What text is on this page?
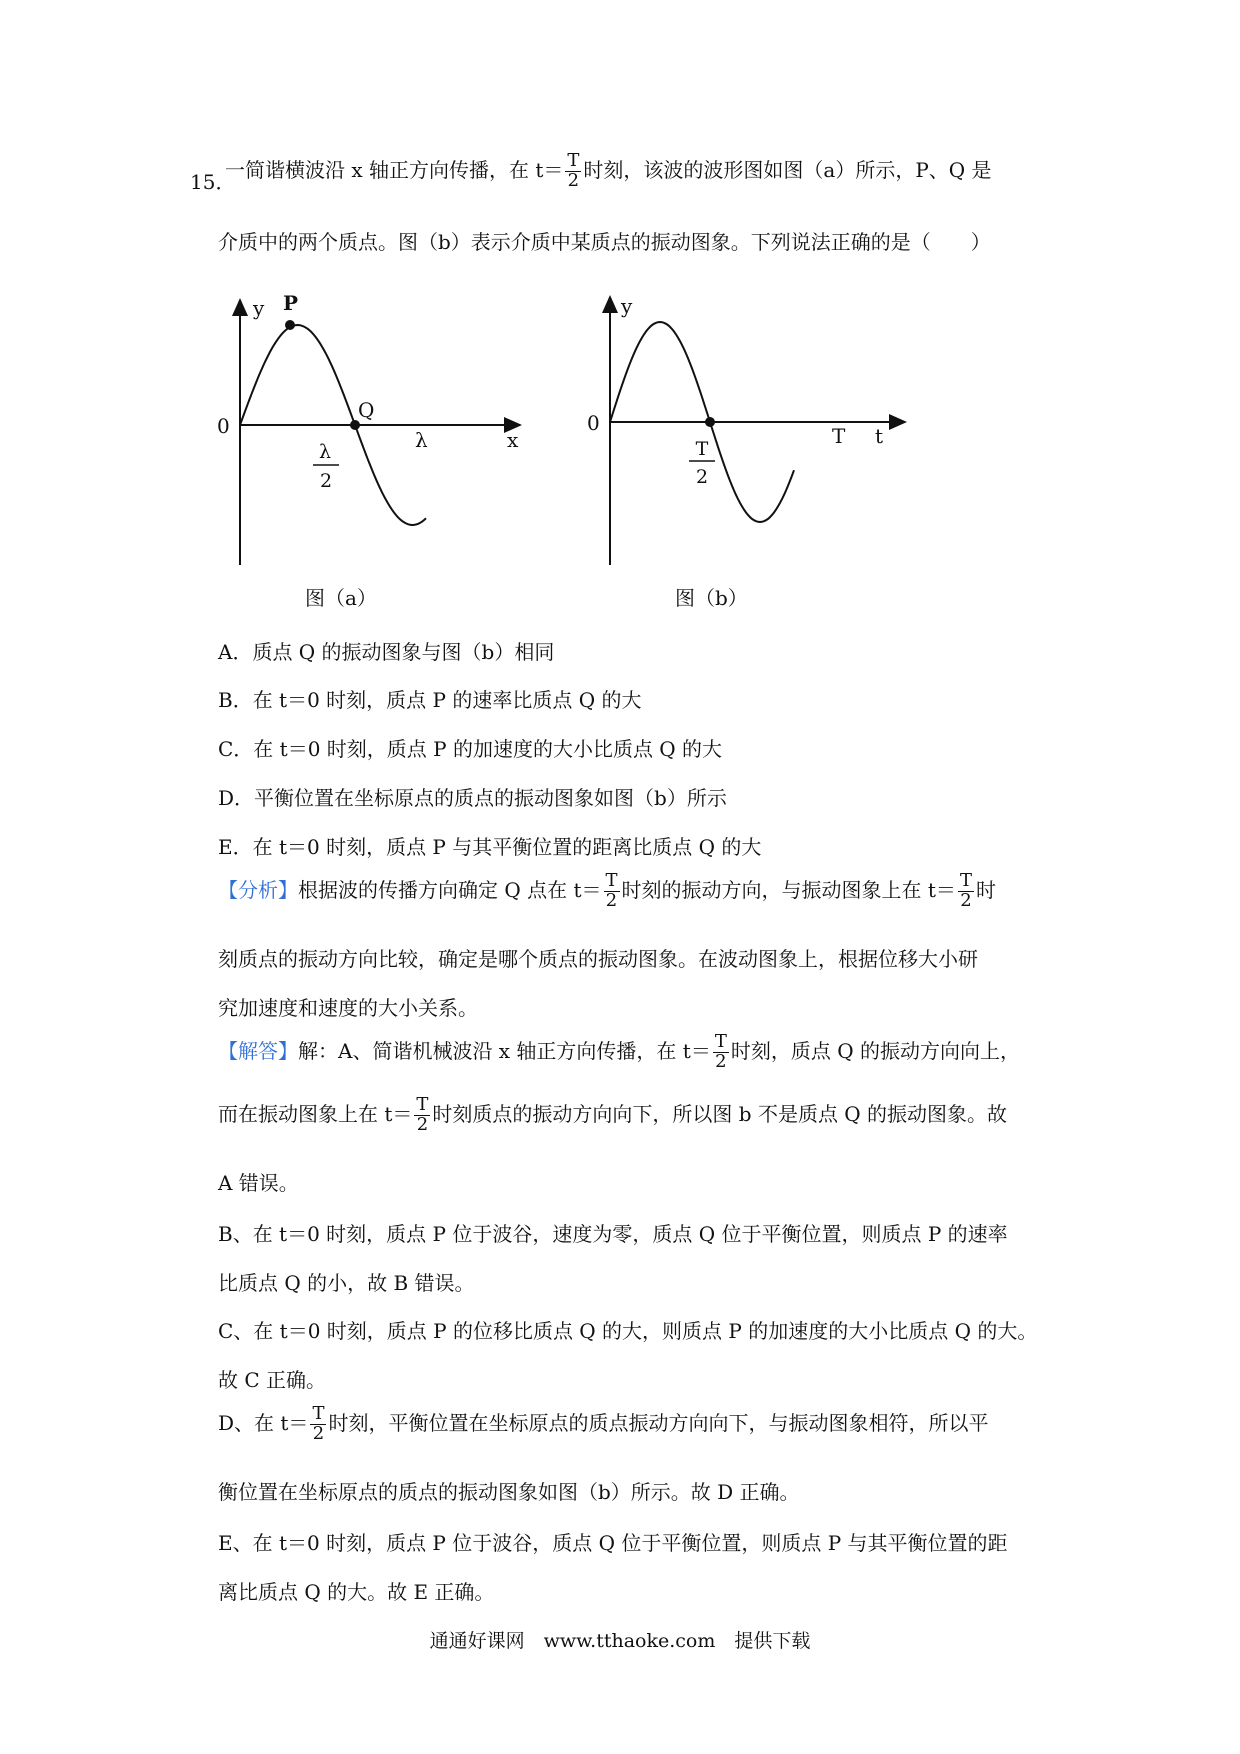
15．
一简谐横波沿 x 轴正方向传播，在 $t= \frac{T}{2}$ 时刻，该波的波形图如图（a）所示，P、Q 是
介质中的两个质点。图（b）表示介质中某质点的振动图象。下列说法正确的是（　　）
y P
Q
0
λ
2
λ	x
图（a）
y
0
T
2
T t
图（b）
A．质点 Q 的振动图象与图（b）相同
B．在 t＝0 时刻，质点 P 的速率比质点 Q 的大
C．在 t＝0 时刻，质点 P 的加速度的大小比质点 Q 的大
D．平衡位置在坐标原点的质点的振动图象如图（b）所示
E．在 t＝0 时刻，质点 P 与其平衡位置的距离比质点 Q 的大
【分析】根据波的传播方向确定 Q 点在 $t= \frac{T}{2}$ 时刻的振动方向，与振动图象上在 $t= \frac{T}{2}$ 时
刻质点的振动方向比较，确定是哪个质点的振动图象。在波动图象上，根据位移大小研
究加速度和速度的大小关系。
【解答】解：A、简谐机械波沿 x 轴正方向传播，在 $t= \frac{T}{2}$ 时刻，质点 Q 的振动方向向上，
而在振动图象上在 $t= \frac{T}{2}$ 时刻质点的振动方向向下，所以图 b 不是质点 Q 的振动图象。故
A 错误。
B、在 t＝0 时刻，质点 P 位于波谷，速度为零，质点 Q 位于平衡位置，则质点 P 的速率
比质点 Q 的小，故 B 错误。
C、在 t＝0 时刻，质点 P 的位移比质点 Q 的大，则质点 P 的加速度的大小比质点 Q 的大。
故 C 正确。
D、在 $t= \frac{T}{2}$ 时刻，平衡位置在坐标原点的质点振动方向向下，与振动图象相符，所以平
衡位置在坐标原点的质点的振动图象如图（b）所示。故 D 正确。
E、在 t＝0 时刻，质点 P 位于波谷，质点 Q 位于平衡位置，则质点 P 与其平衡位置的距
离比质点 Q 的大。故 E 正确。
通通好课网　www.tthaoke.com　提供下载
